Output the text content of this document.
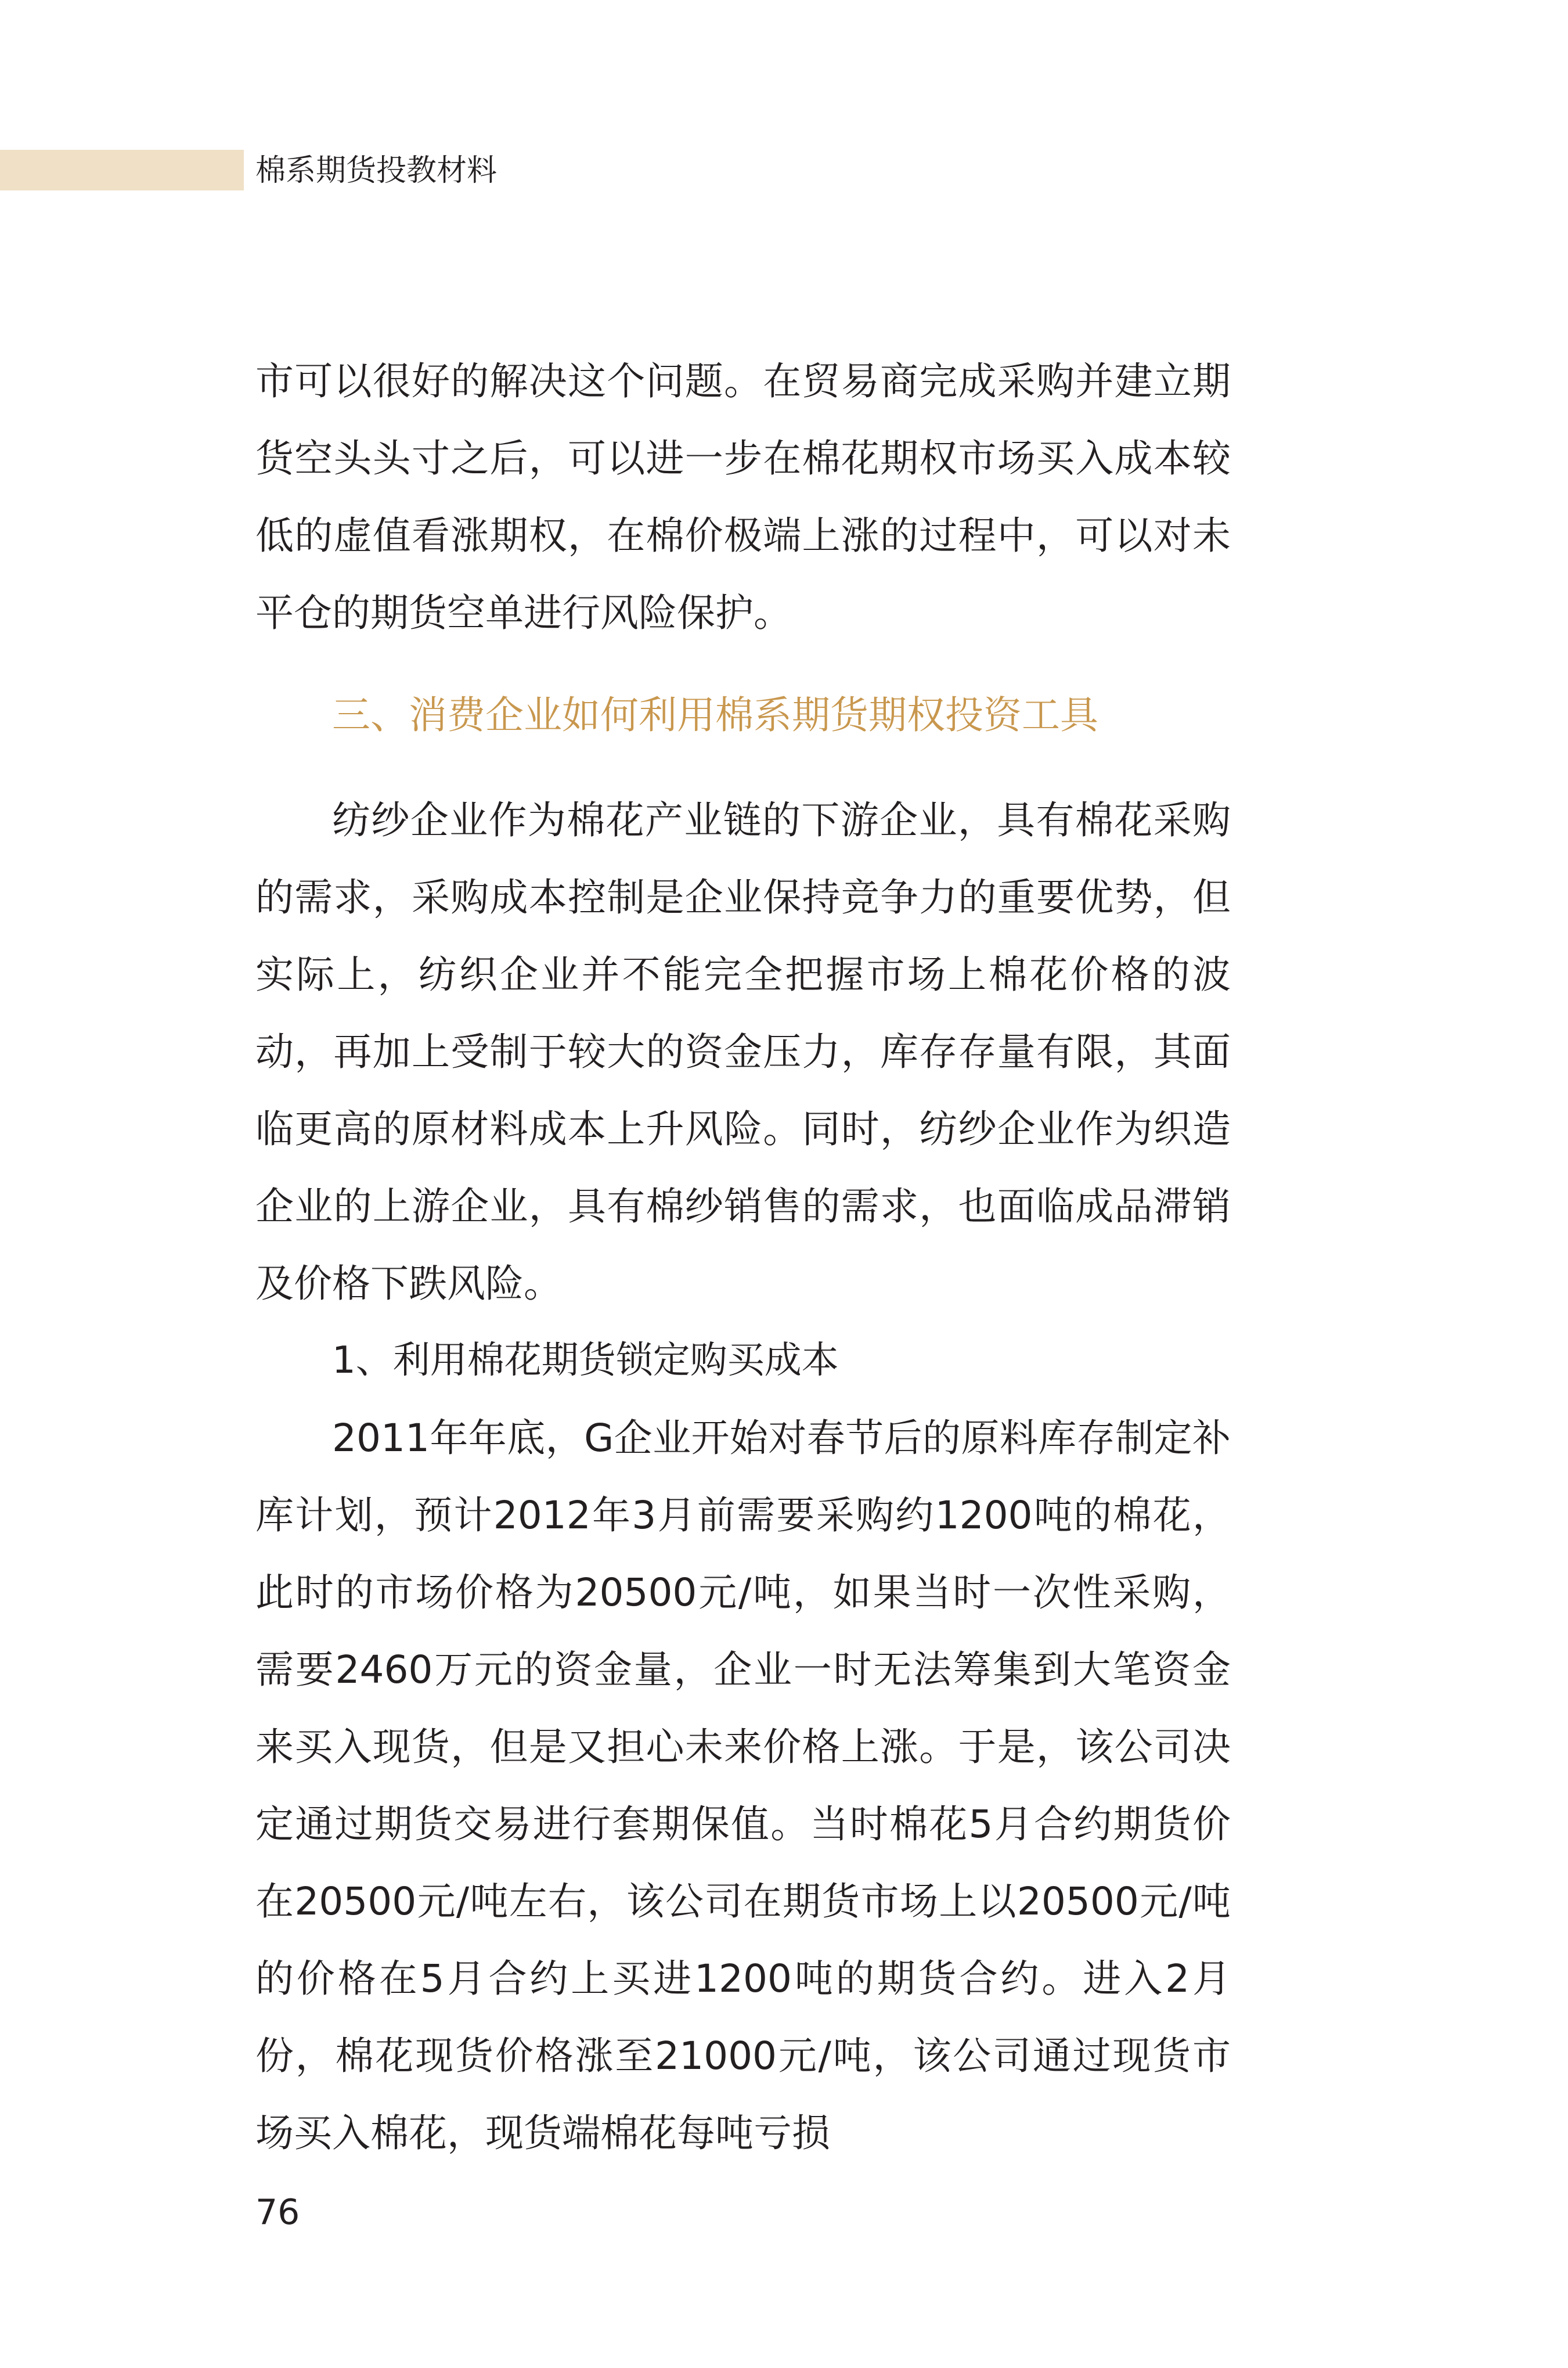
棉系期货投教材料

市可以很好的解决这个问题。在贸易商完成采购并建立期货空头头寸之后，可以进一步在棉花期权市场买入成本较低的虚值看涨期权，在棉价极端上涨的过程中，可以对未平仓的期货空单进行风险保护。

三、消费企业如何利用棉系期货期权投资工具

纺纱企业作为棉花产业链的下游企业，具有棉花采购的需求，采购成本控制是企业保持竞争力的重要优势，但实际上，纺织企业并不能完全把握市场上棉花价格的波动，再加上受制于较大的资金压力，库存存量有限，其面临更高的原材料成本上升风险。同时，纺纱企业作为织造企业的上游企业，具有棉纱销售的需求，也面临成品滞销及价格下跌风险。

1、利用棉花期货锁定购买成本

2011年年底，G企业开始对春节后的原料库存制定补库计划，预计2012年3月前需要采购约1200吨的棉花，此时的市场价格为20500元/吨，如果当时一次性采购，需要2460万元的资金量，企业一时无法筹集到大笔资金来买入现货，但是又担心未来价格上涨。于是，该公司决定通过期货交易进行套期保值。当时棉花5月合约期货价在20500元/吨左右，该公司在期货市场上以20500元/吨的价格在5月合约上买进1200吨的期货合约。进入2月份，棉花现货价格涨至21000元/吨，该公司通过现货市场买入棉花，现货端棉花每吨亏损

76
